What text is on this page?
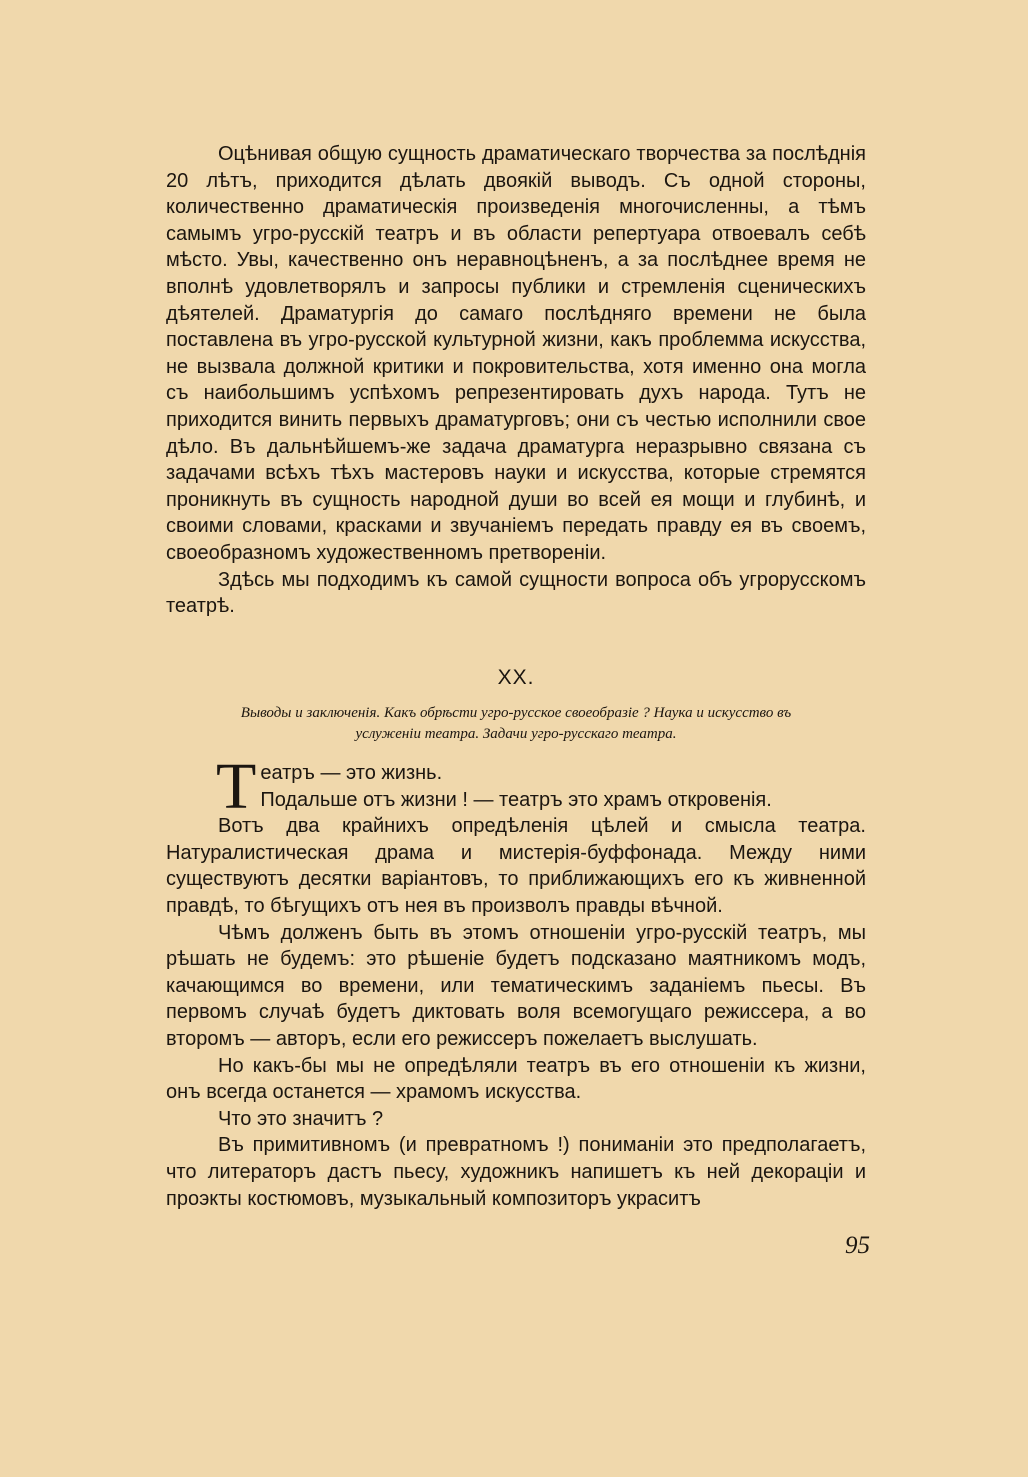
Оцѣнивая общую сущность драматическаго творчества за послѣднія 20 лѣтъ, приходится дѣлать двоякій выводъ. Съ одной стороны, количественно драматическія произведенія многочисленны, а тѣмъ самымъ угро-русскій театръ и въ области репертуара отвоевалъ себѣ мѣсто. Увы, качественно онъ неравноцѣненъ, а за послѣднее время не вполнѣ удовлетворялъ и запросы публики и стремленія сценическихъ дѣятелей. Драматургія до самаго послѣдняго времени не была поставлена въ угро-русской культурной жизни, какъ проблемма искусства, не вызвала должной критики и покровительства, хотя именно она могла съ наибольшимъ успѣхомъ репрезентировать духъ народа. Тутъ не приходится винить первыхъ драматурговъ; они съ честью исполнили свое дѣло. Въ дальнѣйшемъ-же задача драматурга неразрывно связана съ задачами всѣхъ тѣхъ мастеровъ науки и искусства, которые стремятся проникнуть въ сущность народной души во всей ея мощи и глубинѣ, и своими словами, красками и звучаніемъ передать правду ея въ своемъ, своеобразномъ художественномъ претвореніи.

Здѣсь мы подходимъ къ самой сущности вопроса объ угрорусскомъ театрѣ.

XX.

Выводы и заключенія. Какъ обрѣсти угро-русское своеобразіе ? Наука и искусство въ

услуженіи театра. Задачи угро-русскаго театра.

Т еатръ — это жизнь.
Подальше отъ жизни ! — театръ это храмъ откровенія.

Вотъ два крайнихъ опредѣленія цѣлей и смысла театра. Натуралистическая драма и мистерія-буффонада. Между ними существуютъ десятки варіантовъ, то приближающихъ его къ живненной правдѣ, то бѣгущихъ отъ нея въ произволъ правды вѣчной.

Чѣмъ долженъ быть въ этомъ отношеніи угро-русскій театръ, мы рѣшать не будемъ: это рѣшеніе будетъ подсказано маятникомъ модъ, качающимся во времени, или тематическимъ заданіемъ пьесы. Въ первомъ случаѣ будетъ диктовать воля всемогущаго режиссера, а во второмъ — авторъ, если его режиссеръ пожелаетъ выслушать.

Но какъ-бы мы не опредѣляли театръ въ его отношеніи къ жизни, онъ всегда останется — храмомъ искусства.

Что это значитъ ?

Въ примитивномъ (и превратномъ !) пониманіи это предполагаетъ, что литераторъ дастъ пьесу, художникъ напишетъ къ ней декораціи и проэкты костюмовъ, музыкальный композиторъ украситъ

95
